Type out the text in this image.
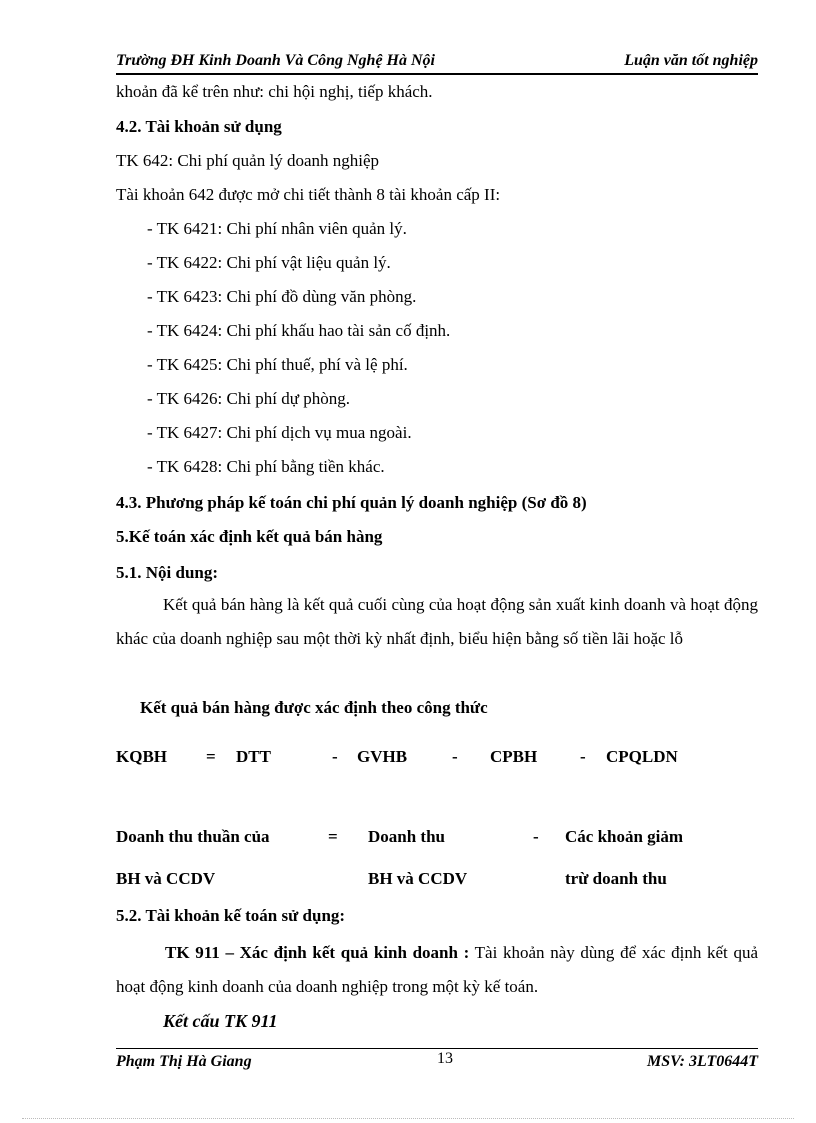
Trường ĐH Kinh Doanh Và Công Nghệ Hà Nội	Luận văn tốt nghiệp
khoản đã kể trên như: chi hội nghị, tiếp khách.
4.2. Tài khoản sử dụng
TK 642: Chi phí quản lý doanh nghiệp
Tài khoản 642 được mở chi tiết thành 8 tài khoản cấp II:
- TK 6421: Chi phí nhân viên quản lý.
- TK 6422: Chi phí vật liệu quản lý.
- TK 6423: Chi phí đồ dùng văn phòng.
- TK 6424: Chi phí khấu hao tài sản cố định.
- TK 6425: Chi phí thuế, phí và lệ phí.
- TK 6426: Chi phí dự phòng.
- TK 6427: Chi phí dịch vụ mua ngoài.
- TK 6428: Chi phí bằng tiền khác.
4.3. Phương pháp kế toán chi phí quản lý doanh nghiệp (Sơ đồ 8)
5.Kế toán xác định kết quả bán hàng
5.1. Nội dung:
Kết quả bán hàng là kết quả cuối cùng của hoạt động sản xuất kinh doanh và hoạt động khác của doanh nghiệp sau một thời kỳ nhất định, biểu hiện bằng số tiền lãi hoặc lỗ
Kết quả bán hàng được xác định theo công thức
KQBH = DTT	- GVHB	- CPBH	- CPQLDN
Doanh thu thuần của
BH và CCDV
= Doanh thu
BH và CCDV
- Các khoản giảm
trừ doanh thu
5.2. Tài khoản kế toán sử dụng:
TK 911 – Xác định kết quả kinh doanh : Tài khoản này dùng để xác định kết quả hoạt động kinh doanh của doanh nghiệp trong một kỳ kế toán.
Kết cấu TK 911
Phạm Thị Hà Giang	13	MSV: 3LT0644T
